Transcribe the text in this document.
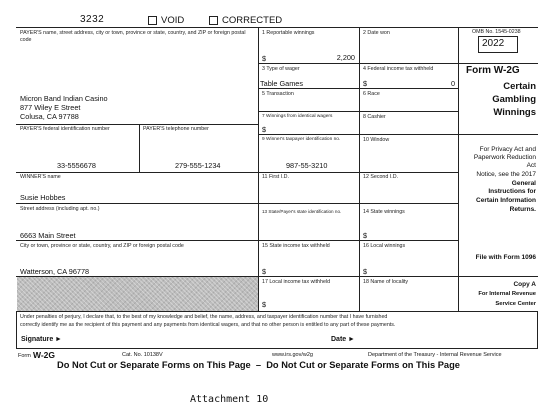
3232	VOID	CORRECTED
PAYER'S name, street address, city or town, province or state, country, and ZIP or foreign postal code
Micron Band Indian Casino
877 Wiley E Street
Colusa, CA 97788
PAYER'S federal identification number
33-5556678
PAYER'S telephone number
279-555-1234
WINNER'S name
Susie Hobbes
Street address (including apt. no.)
6663 Main Street
City or town, province or state, country, and ZIP or foreign postal code
Watterson, CA 96778
1 Reportable winnings
$	2,200
2 Date won
3 Type of wager
Table Games
4 Federal income tax withheld
$	0
5 Transaction	6 Race
7 Winnings from identical wagers
$
8 Cashier
9 Winner's taxpayer identification no.
987-55-3210
10 Window
11 First I.D.	12 Second I.D.
13 State/Payer's state identification no.	14 State winnings
$
15 State income tax withheld
$
16 Local winnings
$
17 Local income tax withheld
$
18 Name of locality
OMB No. 1545-0238
2022
Form W-2G
Certain
Gambling
Winnings
For Privacy Act and
Paperwork Reduction
Act
Notice, see the 2017
General
Instructions for
Certain Information
Returns.
File with Form 1096
Copy A
For Internal Revenue
Service Center
Under penalties of perjury, I declare that, to the best of my knowledge and belief, the name, address, and taxpayer identification number that I have furnished
correctly identify me as the recipient of this payment and any payments from identical wagers, and that no other person is entitled to any part of these payments.
Signature ►	Date ►
Form W-2G	Cat. No. 10138V	www.irs.gov/w2g	Department of the Treasury - Internal Revenue Service
Do Not Cut or Separate Forms on This Page  –  Do Not Cut or Separate Forms on This Page
Attachment 10
